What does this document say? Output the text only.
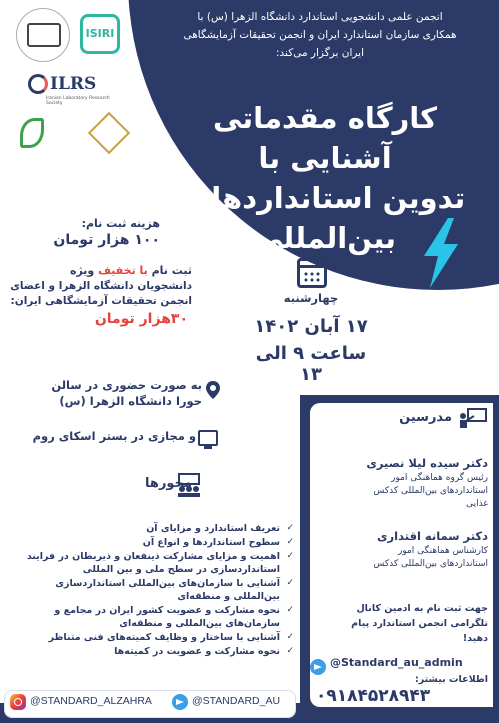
انجمن علمی دانشجویی استاندارد دانشگاه الزهرا (س) با
همکاری سازمان استاندارد ایران و انجمن تحقیقات آزمایشگاهی
ایران برگزار می‌کند:
کارگاه مقدماتی آشنایی با
تدوین استانداردهای
بین‌المللی
ISIRI
ILRS
Iranian Laboratory Research Society
هزینه ثبت نام:
۱۰۰ هزار تومان
ثبت نام با تخفیف ویژه
دانشجویان دانشگاه الزهرا و اعضای
انجمن تحقیقات آزمایشگاهی ایران:
۳۰هزار تومان
چهارشنبه
۱۷ آبان ۱۴۰۲
ساعت ۹ الی ۱۳
به صورت حضوری در سالن
حورا دانشگاه الزهرا (س)
و مجازی در بستر اسکای روم
محورها
✓ تعریف استاندارد و مزایای آن
✓ سطوح استانداردها و انواع آن
✓ اهمیت و مزایای مشارکت ذینفعان و ذیربطان در فرایند استانداردسازی در سطح ملی و بین المللی
✓ آشنایی با سازمان‌های بین‌المللی استانداردسازی بین‌المللی و منطقه‌ای
✓ نحوه مشارکت و عضویت کشور ایران در مجامع و سازمان‌های بین‌المللی و منطقه‌ای
✓ آشنایی با ساختار و وظایف کمیته‌های فنی متناظر
✓ نحوه مشارکت و عضویت در کمیته‌ها
مدرسین
دکتر سیده لیلا نصیری
رئیس گروه هماهنگی امور
استانداردهای بین‌المللی کدکس
غذایی
دکتر سمانه اقتداری
کارشناس هماهنگی امور
استانداردهای بین‌المللی کدکس
جهت ثبت نام به ادمین کانال
تلگرامی انجمن استاندارد پیام
دهید!
@Standard_au_admin
اطلاعات بیشتر:
۰۹۱۸۴۵۲۸۹۴۳
@STANDARD_ALZAHRA	@STANDARD_AU
